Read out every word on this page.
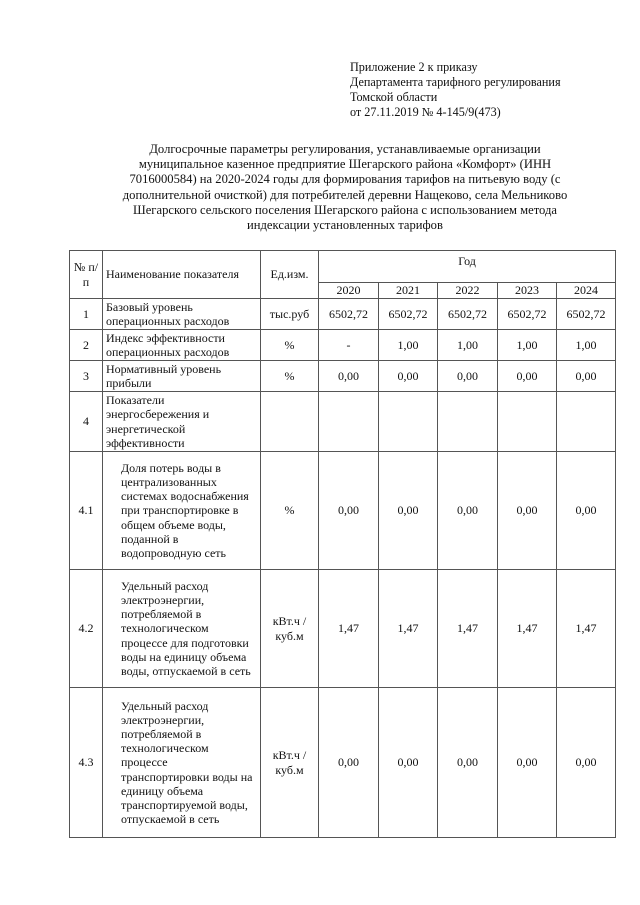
Приложение 2 к приказу
Департамента тарифного регулирования
Томской области
от 27.11.2019 № 4-145/9(473)
Долгосрочные параметры регулирования, устанавливаемые организации
муниципальное казенное предприятие Шегарского района «Комфорт» (ИНН
7016000584) на 2020-2024 годы для формирования тарифов на питьевую воду (с
дополнительной очисткой) для потребителей деревни Нащеково, села Мельниково
Шегарского сельского поселения Шегарского района с использованием метода
индексации установленных тарифов
№ п/п	Наименование показателя	Ед.изм.	Год				
			2020	2021	2022	2023	2024
1	Базовый уровень операционных расходов	тыс.руб	6502,72	6502,72	6502,72	6502,72	6502,72
2	Индекс эффективности операционных расходов	%	-	1,00	1,00	1,00	1,00
3	Нормативный уровень прибыли	%	0,00	0,00	0,00	0,00	0,00
4	Показатели энергосбережения и энергетической эффективности						
4.1	Доля потерь воды в централизованных системах водоснабжения при транспортировке в общем объеме воды, поданной в водопроводную сеть	%	0,00	0,00	0,00	0,00	0,00
4.2	Удельный расход электроэнергии, потребляемой в технологическом процессе для подготовки воды на единицу объема воды, отпускаемой в сеть	кВт.ч / куб.м	1,47	1,47	1,47	1,47	1,47
4.3	Удельный расход электроэнергии, потребляемой в технологическом процессе транспортировки воды на единицу объема транспортируемой воды, отпускаемой в сеть	кВт.ч / куб.м	0,00	0,00	0,00	0,00	0,00
